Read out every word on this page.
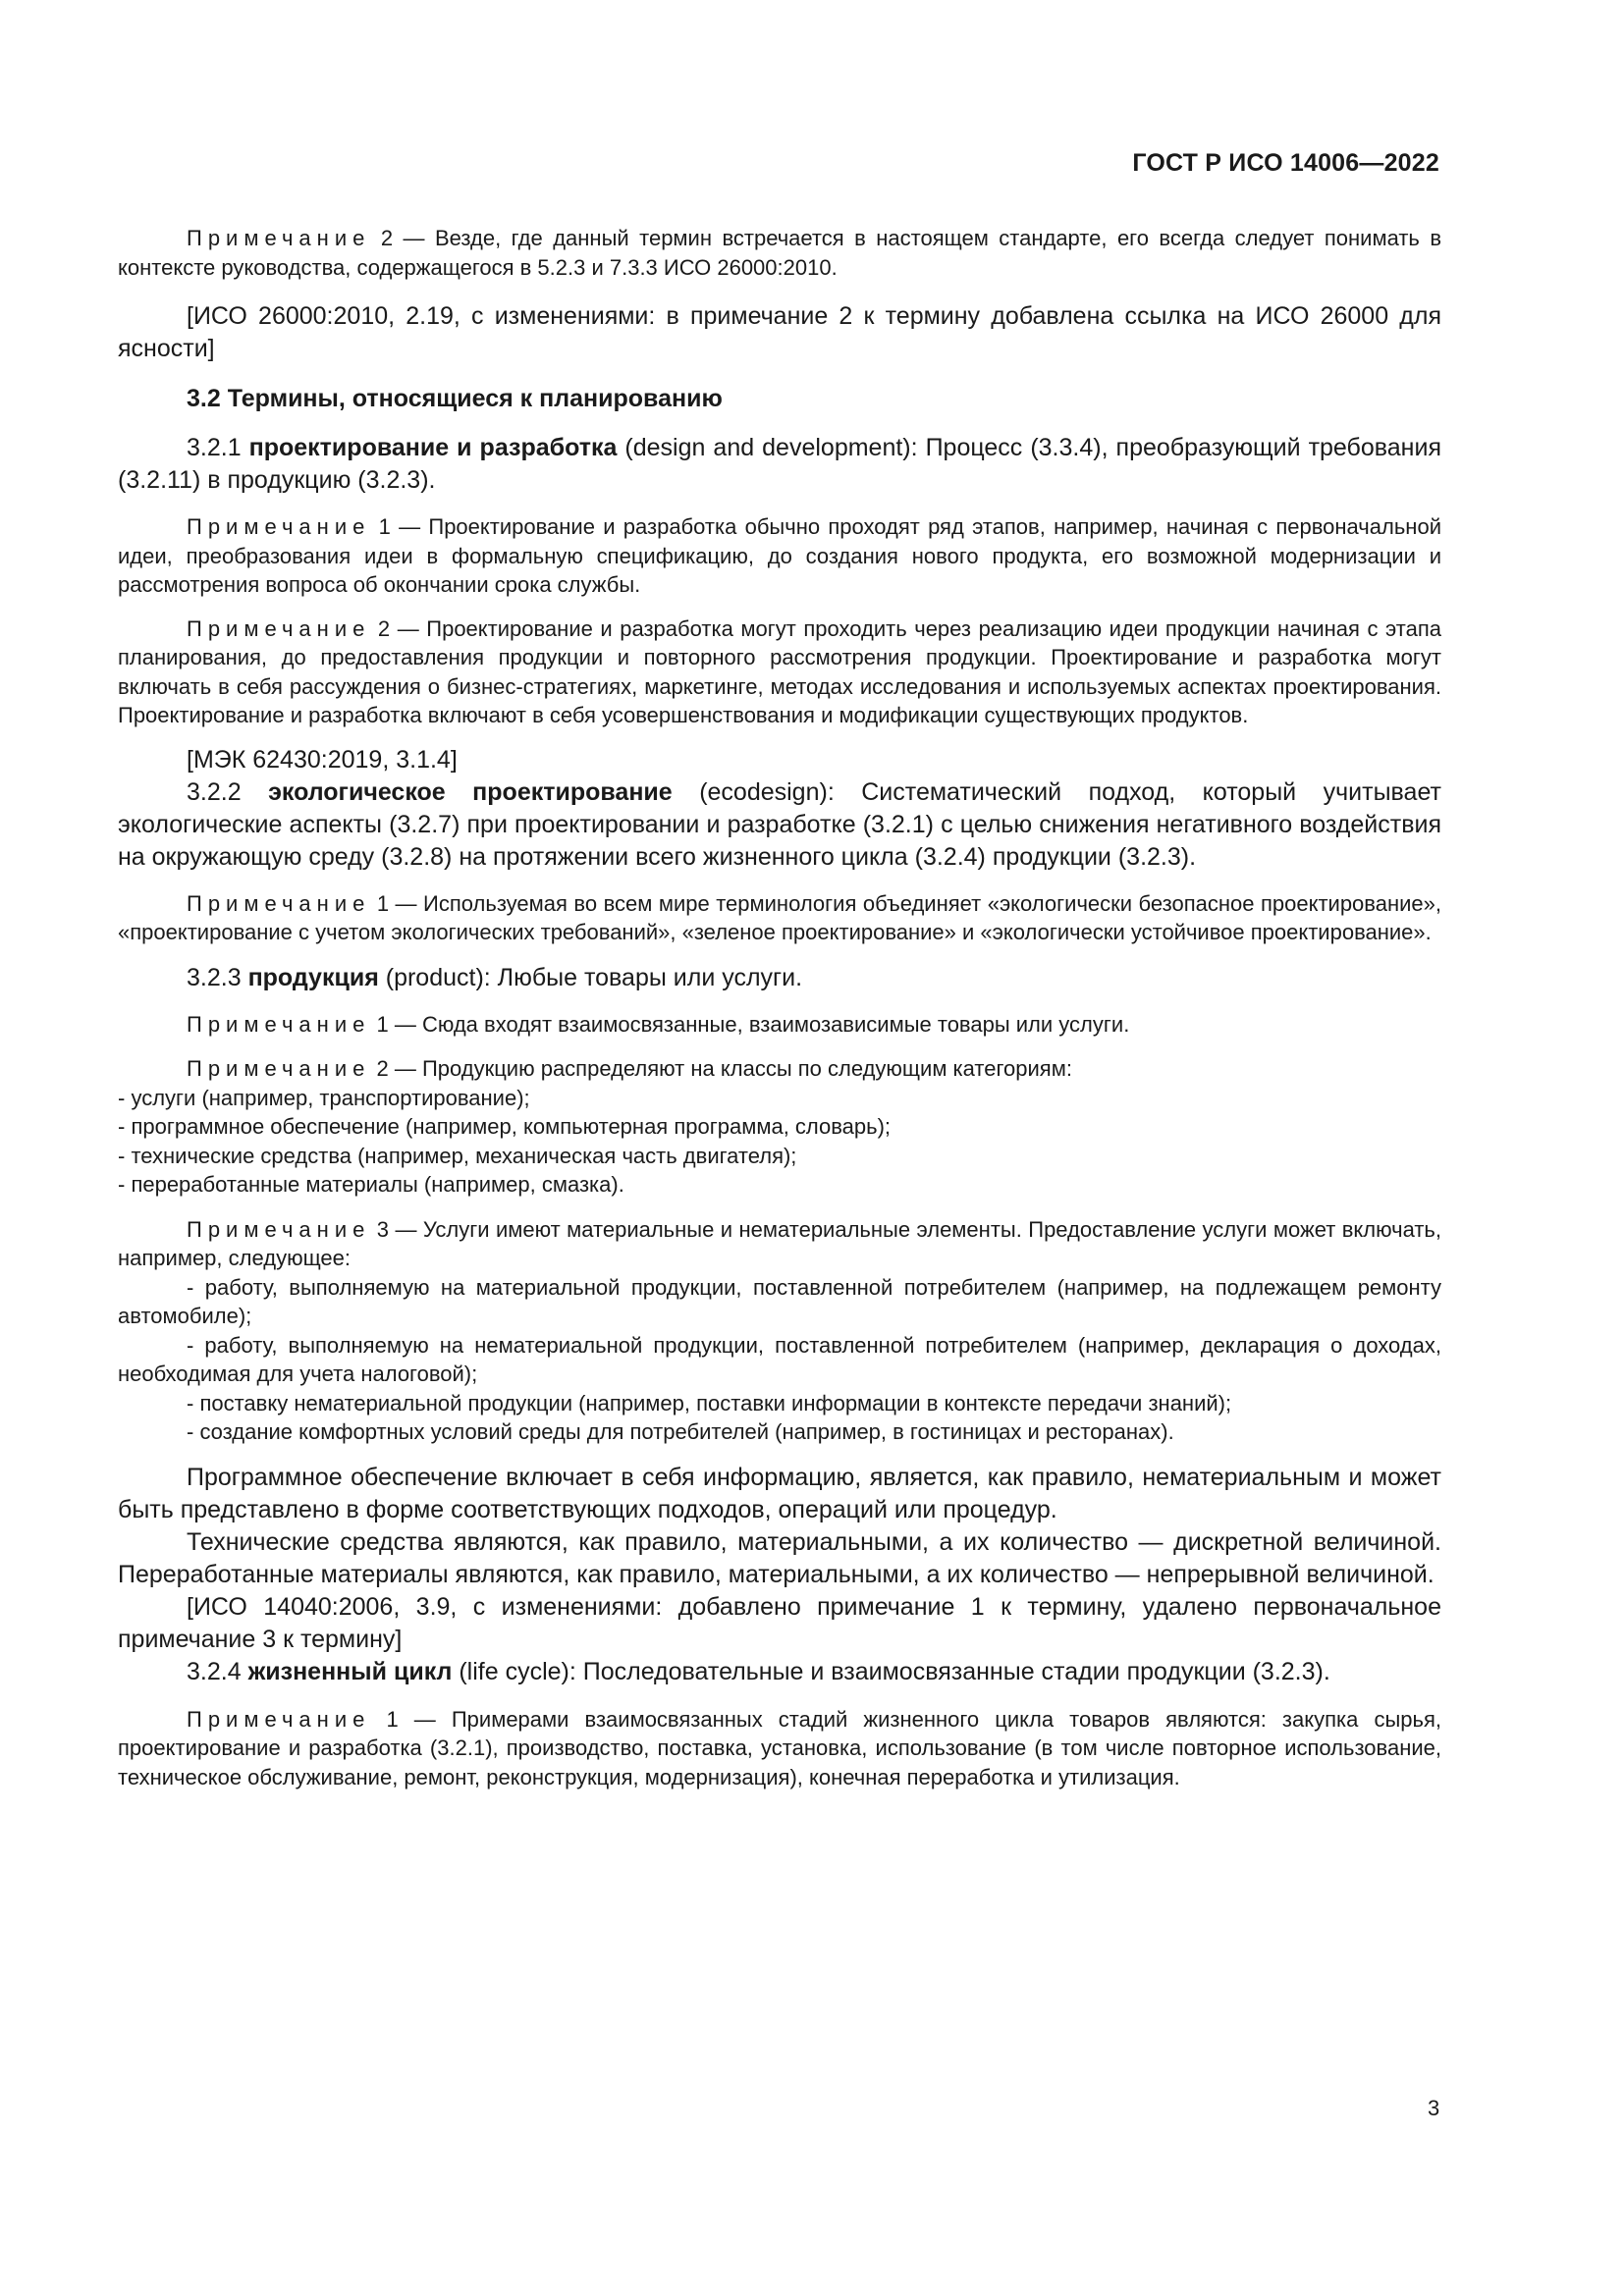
ГОСТ Р ИСО 14006—2022

Примечание 2 — Везде, где данный термин встречается в настоящем стандарте, его всегда следует понимать в контексте руководства, содержащегося в 5.2.3 и 7.3.3 ИСО 26000:2010.

[ИСО 26000:2010, 2.19, с изменениями: в примечание 2 к термину добавлена ссылка на ИСО 26000 для ясности]

3.2 Термины, относящиеся к планированию

3.2.1 проектирование и разработка (design and development): Процесс (3.3.4), преобразующий требования (3.2.11) в продукцию (3.2.3).

Примечание 1 — Проектирование и разработка обычно проходят ряд этапов, например, начиная с первоначальной идеи, преобразования идеи в формальную спецификацию, до создания нового продукта, его возможной модернизации и рассмотрения вопроса об окончании срока службы.

Примечание 2 — Проектирование и разработка могут проходить через реализацию идеи продукции начиная с этапа планирования, до предоставления продукции и повторного рассмотрения продукции. Проектирование и разработка могут включать в себя рассуждения о бизнес-стратегиях, маркетинге, методах исследования и используемых аспектах проектирования. Проектирование и разработка включают в себя усовершенствования и модификации существующих продуктов.

[МЭК 62430:2019, 3.1.4]

3.2.2 экологическое проектирование (ecodesign): Систематический подход, который учитывает экологические аспекты (3.2.7) при проектировании и разработке (3.2.1) с целью снижения негативного воздействия на окружающую среду (3.2.8) на протяжении всего жизненного цикла (3.2.4) продукции (3.2.3).

Примечание 1 — Используемая во всем мире терминология объединяет «экологически безопасное проектирование», «проектирование с учетом экологических требований», «зеленое проектирование» и «экологически устойчивое проектирование».

3.2.3 продукция (product): Любые товары или услуги.

Примечание 1 — Сюда входят взаимосвязанные, взаимозависимые товары или услуги.

Примечание 2 — Продукцию распределяют на классы по следующим категориям:

- услуги (например, транспортирование);

- программное обеспечение (например, компьютерная программа, словарь);

- технические средства (например, механическая часть двигателя);

- переработанные материалы (например, смазка).

Примечание 3 — Услуги имеют материальные и нематериальные элементы. Предоставление услуги может включать, например, следующее:

- работу, выполняемую на материальной продукции, поставленной потребителем (например, на подлежащем ремонту автомобиле);

- работу, выполняемую на нематериальной продукции, поставленной потребителем (например, декларация о доходах, необходимая для учета налоговой);

- поставку нематериальной продукции (например, поставки информации в контексте передачи знаний);

- создание комфортных условий среды для потребителей (например, в гостиницах и ресторанах).

Программное обеспечение включает в себя информацию, является, как правило, нематериальным и может быть представлено в форме соответствующих подходов, операций или процедур.

Технические средства являются, как правило, материальными, а их количество — дискретной величиной. Переработанные материалы являются, как правило, материальными, а их количество — непрерывной величиной.

[ИСО 14040:2006, 3.9, с изменениями: добавлено примечание 1 к термину, удалено первоначальное примечание 3 к термину]

3.2.4 жизненный цикл (life cycle): Последовательные и взаимосвязанные стадии продукции (3.2.3).

Примечание 1 — Примерами взаимосвязанных стадий жизненного цикла товаров являются: закупка сырья, проектирование и разработка (3.2.1), производство, поставка, установка, использование (в том числе повторное использование, техническое обслуживание, ремонт, реконструкция, модернизация), конечная переработка и утилизация.

3
